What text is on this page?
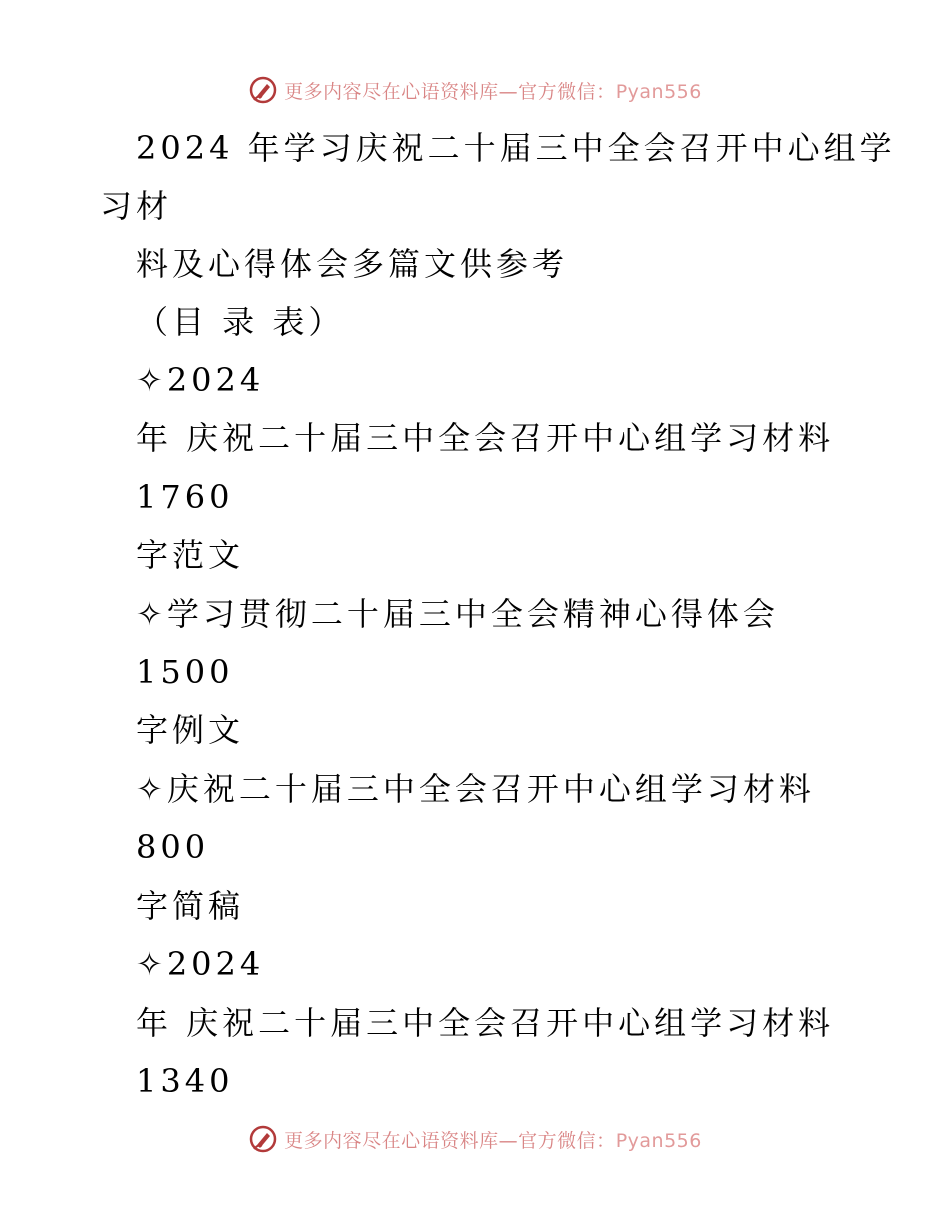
更多内容尽在心语资料库—官方微信：Pyan556
2024 年学习庆祝二十届三中全会召开中心组学
习材
料及心得体会多篇文供参考
（目 录 表）
✧2024
年 庆祝二十届三中全会召开中心组学习材料
1760
字范文
✧学习贯彻二十届三中全会精神心得体会
1500
字例文
✧庆祝二十届三中全会召开中心组学习材料
800
字简稿
✧2024
年 庆祝二十届三中全会召开中心组学习材料
1340
更多内容尽在心语资料库—官方微信：Pyan556
